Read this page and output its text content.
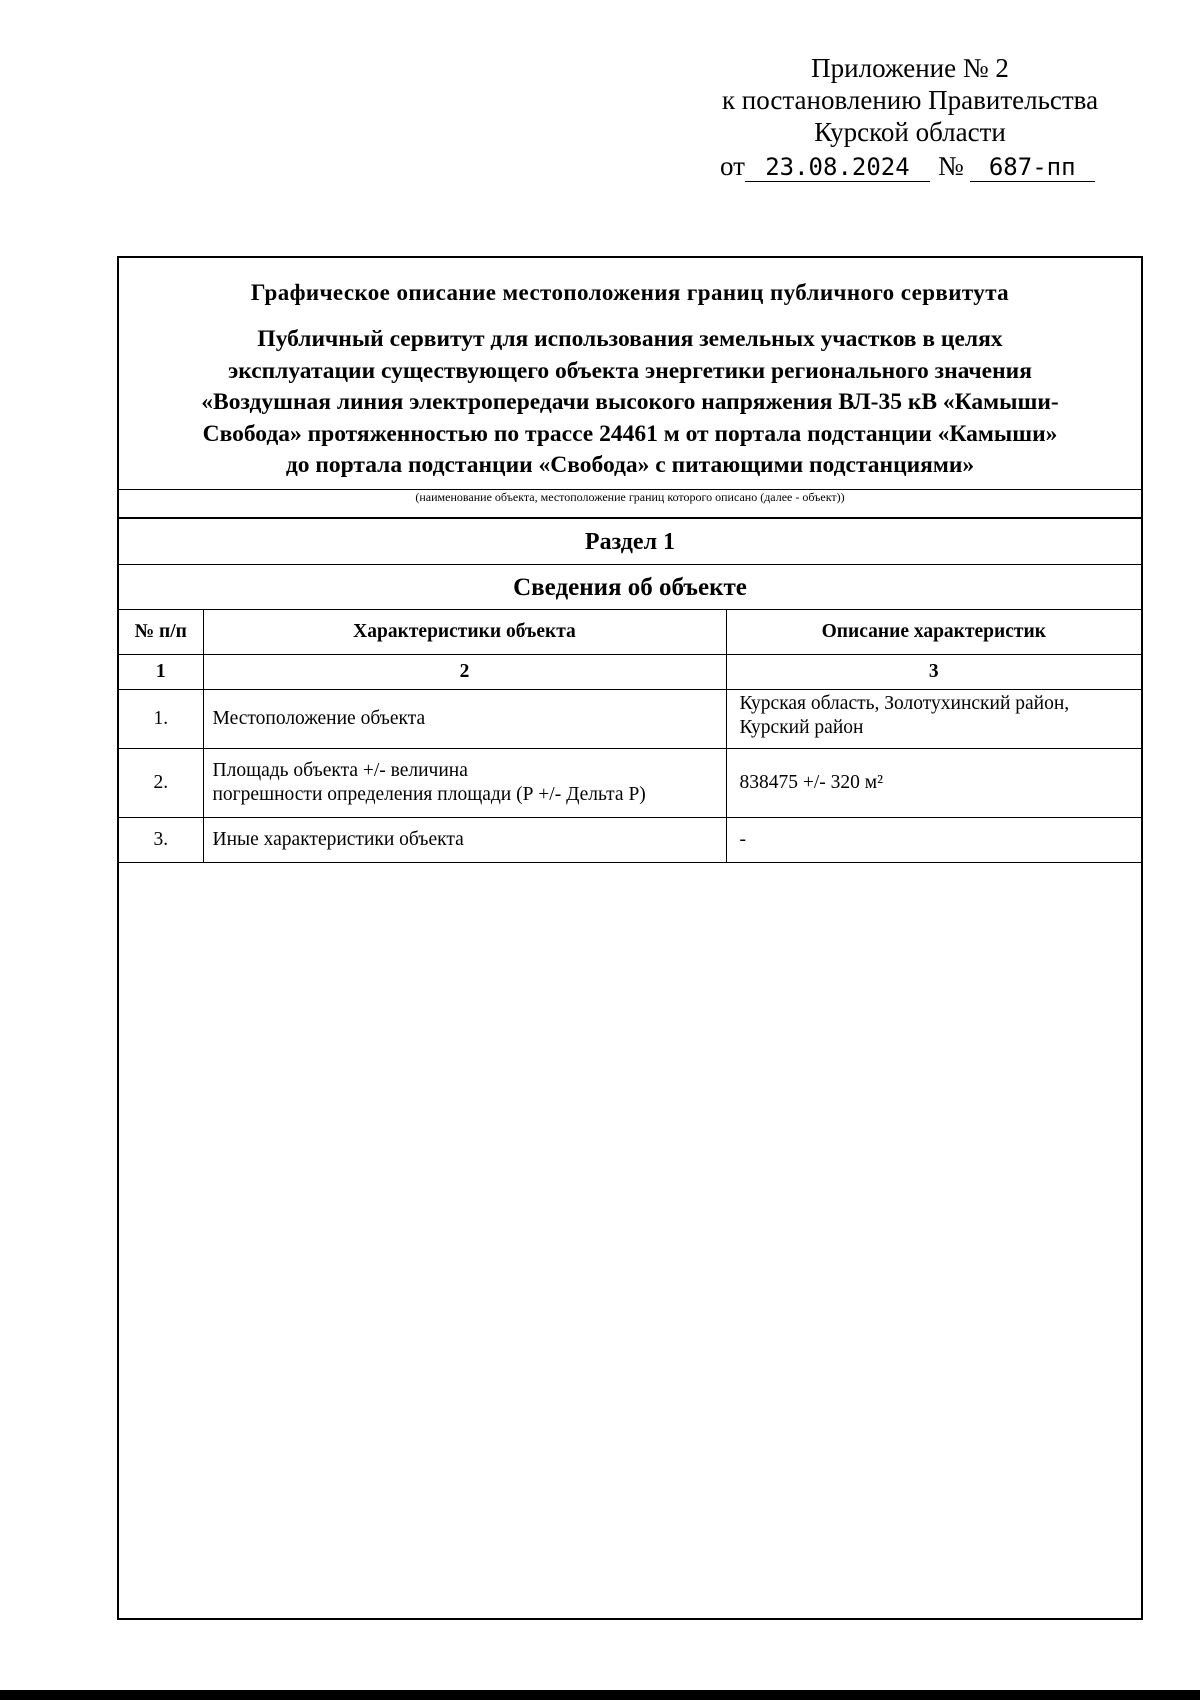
Приложение № 2
к постановлению Правительства
Курской области
от 23.08.2024 № 687-пп
Графическое описание местоположения границ публичного сервитута
Публичный сервитут для использования земельных участков в целях
эксплуатации существующего объекта энергетики регионального значения
«Воздушная линия электропередачи высокого напряжения ВЛ-35 кВ «Камыши-
Свобода» протяженностью по трассе 24461 м от портала подстанции «Камыши»
до портала подстанции «Свобода» с питающими подстанциями»
(наименование объекта, местоположение границ которого описано (далее - объект))
Раздел 1
Сведения об объекте
№ п/п	Характеристики объекта	Описание характеристик
1	2	3
1.	Местоположение объекта	Курская область, Золотухинский район,
Курский район

2.	Площадь объекта +/- величина
погрешности определения площади (Р +/- Дельта Р)	838475 +/- 320 м²

3.	Иные характеристики объекта	-
